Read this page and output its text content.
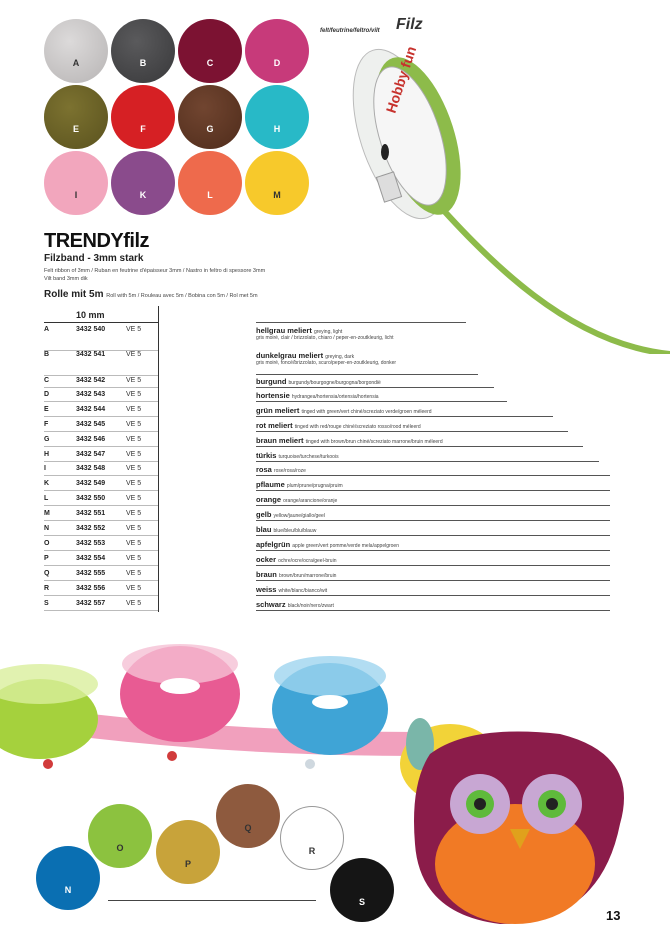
felt/feutrine/feltro/vilt Filz
A	B	C	D
E	F	G	H
I	K	L	M
Hobby fun
TRENDYfilz
Filzband - 3mm stark
Felt ribbon of 3mm / Ruban en feutrine d'épaisseur 3mm / Nastro in feltro di spessore 3mm
Vilt band 3mm dik
Rolle mit 5m Roll with 5m / Rouleau avec 5m / Bobina con 5m / Rol met 5m
10 mm
A	3432 540	VE 5	hellgrau meliert greying, light
gris moiré, clair / brizzolato, chiaro / peper-en-zoutkleurig, licht
B	3432 541	VE 5	dunkelgrau meliert greying, dark
gris moiré, foncé/brizzolato, scuro/peper-en-zoutkleurig, donker
C	3432 542	VE 5	burgund burgundy/bourgogne/burgogna/borgondië
D	3432 543	VE 5	hortensie hydrangea/hortensia/ortensia/hortensia
E	3432 544	VE 5	grün meliert tinged with green/vert chiné/screziato verde/groen méleerd
F	3432 545	VE 5	rot meliert tinged with red/rouge chiné/screziato rosso/rood méleerd
G	3432 546	VE 5	braun meliert tinged with brown/brun chiné/screziato marrone/bruin méleerd
H	3432 547	VE 5	türkis turquoise/turchese/turkoois
I	3432 548	VE 5	rosa rose/rosa/roze
K	3432 549	VE 5	pflaume plum/prune/prugna/pruim
L	3432 550	VE 5	orange orange/arancione/oranje
M	3432 551	VE 5	gelb yellow/jaune/giallo/geel
N	3432 552	VE 5	blau blue/bleu/blu/blauw
O	3432 553	VE 5	apfelgrün apple green/vert pomme/verde mela/appelgroen
P	3432 554	VE 5	ocker ochre/ocre/ocra/geel-bruin
Q	3432 555	VE 5	braun brown/brun/marrone/bruin
R	3432 556	VE 5	weiss white/blanc/bianco/wit
S	3432 557	VE 5	schwarz black/noir/nero/zwart
N
O
P
Q
R
S
13
